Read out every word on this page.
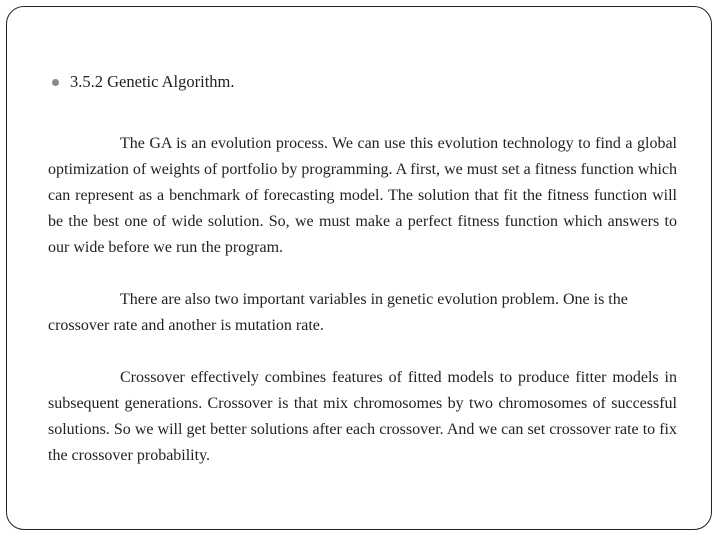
3.5.2 Genetic Algorithm.

The GA is an evolution process. We can use this evolution technology to find a global optimization of weights of portfolio by programming. A first, we must set a fitness function which can represent as a benchmark of forecasting model. The solution that fit the fitness function will be the best one of wide solution. So, we must make a perfect fitness function which answers to our wide before we run the program.

There are also two important variables in genetic evolution problem. One is the crossover rate and another is mutation rate.

Crossover effectively combines features of fitted models to produce fitter models in subsequent generations. Crossover is that mix chromosomes by two chromosomes of successful solutions. So we will get better solutions after each crossover. And we can set crossover rate to fix the crossover probability.
